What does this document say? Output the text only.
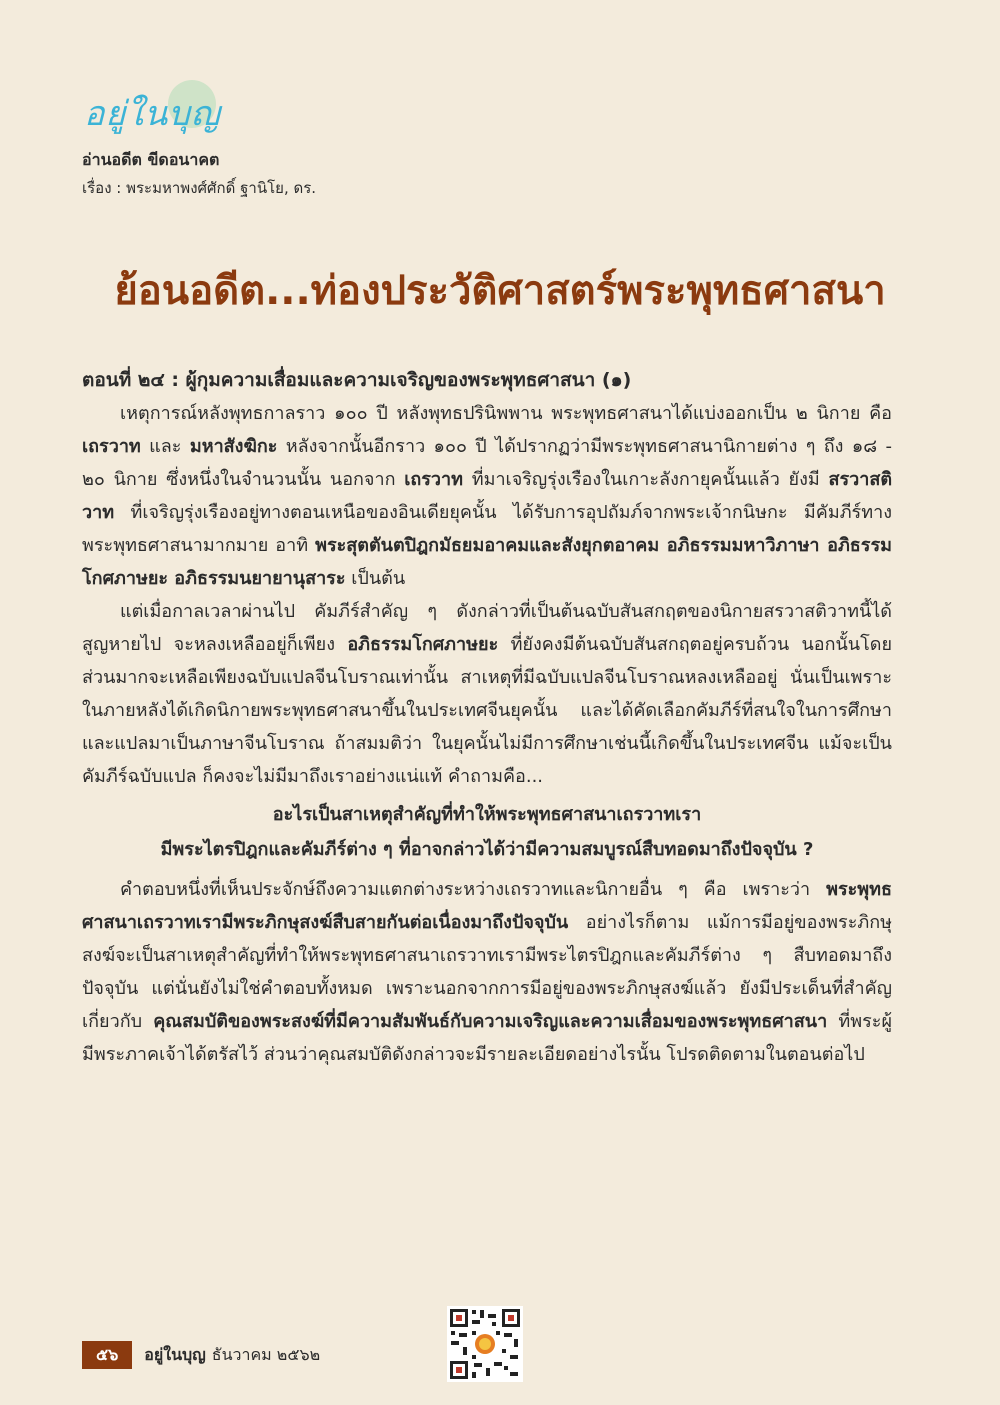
อยู่ในบุญ
อ่านอดีต ขีดอนาคต
เรื่อง : พระมหาพงศ์ศักดิ์ ฐานิโย, ดร.
ย้อนอดีต...ท่องประวัติศาสตร์พระพุทธศาสนา

ตอนที่ ๒๔ : ผู้กุมความเสื่อมและความเจริญของพระพุทธศาสนา (๑)

เหตุการณ์หลังพุทธกาลราว ๑๐๐ ปี หลังพุทธปรินิพพาน พระพุทธศาสนาได้แบ่งออกเป็น ๒ นิกาย คือ เถรวาท และ มหาสังฆิกะ หลังจากนั้นอีกราว ๑๐๐ ปี ได้ปรากฏว่ามีพระพุทธศาสนานิกายต่าง ๆ ถึง ๑๘ - ๒๐ นิกาย ซึ่งหนึ่งในจำนวนนั้น นอกจาก เถรวาท ที่มาเจริญรุ่งเรืองในเกาะลังกายุคนั้นแล้ว ยังมี สรวาสติวาท ที่เจริญรุ่งเรืองอยู่ทางตอนเหนือของอินเดียยุคนั้น ได้รับการอุปถัมภ์จากพระเจ้ากนิษกะ มีคัมภีร์ทางพระพุทธศาสนามากมาย อาทิ พระสุตตันตปิฎกมัธยมอาคมและสังยุกตอาคม อภิธรรมมหาวิภาษา อภิธรรมโกศภาษยะ อภิธรรมนยายานุสาระ เป็นต้น

แต่เมื่อกาลเวลาผ่านไป คัมภีร์สำคัญ ๆ ดังกล่าวที่เป็นต้นฉบับสันสกฤตของนิกายสรวาสติวาทนี้ได้สูญหายไป จะหลงเหลืออยู่ก็เพียง อภิธรรมโกศภาษยะ ที่ยังคงมีต้นฉบับสันสกฤตอยู่ครบถ้วน นอกนั้นโดยส่วนมากจะเหลือเพียงฉบับแปลจีนโบราณเท่านั้น สาเหตุที่มีฉบับแปลจีนโบราณหลงเหลืออยู่ นั่นเป็นเพราะในภายหลังได้เกิดนิกายพระพุทธศาสนาขึ้นในประเทศจีนยุคนั้น และได้คัดเลือกคัมภีร์ที่สนใจในการศึกษาและแปลมาเป็นภาษาจีนโบราณ ถ้าสมมติว่า ในยุคนั้นไม่มีการศึกษาเช่นนี้เกิดขึ้นในประเทศจีน แม้จะเป็นคัมภีร์ฉบับแปล ก็คงจะไม่มีมาถึงเราอย่างแน่แท้ คำถามคือ...

อะไรเป็นสาเหตุสำคัญที่ทำให้พระพุทธศาสนาเถรวาทเรา
มีพระไตรปิฎกและคัมภีร์ต่าง ๆ ที่อาจกล่าวได้ว่ามีความสมบูรณ์สืบทอดมาถึงปัจจุบัน ?

คำตอบหนึ่งที่เห็นประจักษ์ถึงความแตกต่างระหว่างเถรวาทและนิกายอื่น ๆ คือ เพราะว่า พระพุทธศาสนาเถรวาทเรามีพระภิกษุสงฆ์สืบสายกันต่อเนื่องมาถึงปัจจุบัน อย่างไรก็ตาม แม้การมีอยู่ของพระภิกษุสงฆ์จะเป็นสาเหตุสำคัญที่ทำให้พระพุทธศาสนาเถรวาทเรามีพระไตรปิฎกและคัมภีร์ต่าง ๆ สืบทอดมาถึงปัจจุบัน แต่นั่นยังไม่ใช่คำตอบทั้งหมด เพราะนอกจากการมีอยู่ของพระภิกษุสงฆ์แล้ว ยังมีประเด็นที่สำคัญเกี่ยวกับ คุณสมบัติของพระสงฆ์ที่มีความสัมพันธ์กับความเจริญและความเสื่อมของพระพุทธศาสนา ที่พระผู้มีพระภาคเจ้าได้ตรัสไว้ ส่วนว่าคุณสมบัติดังกล่าวจะมีรายละเอียดอย่างไรนั้น โปรดติดตามในตอนต่อไป

๕๖	อยู่ในบุญ ธันวาคม ๒๕๖๒
